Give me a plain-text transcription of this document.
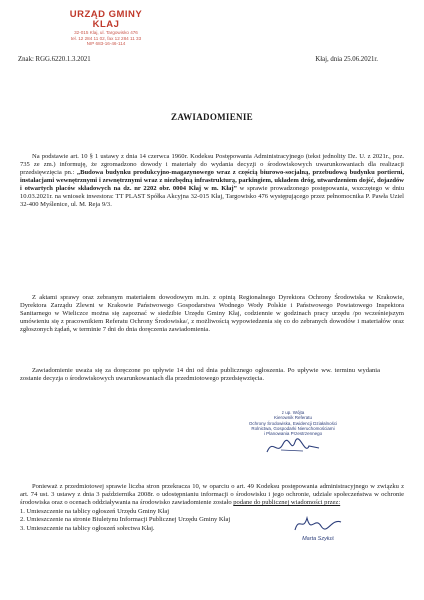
URZĄD GMINY
KLAJ
32-015 Klaj, ul. Targowisko 476
tel. 12 284 11 02, fax 12 284 11 33
NIP 683-16-46-114
Znak: RGG.6220.1.3.2021	Kłaj, dnia 25.06.2021r.
ZAWIADOMIENIE

Na podstawie art. 10 § 1 ustawy z dnia 14 czerwca 1960r. Kodeksu Postępowania Administracyjnego (tekst jednolity Dz. U. z 2021r., poz. 735 ze zm.) informuję, że zgromadzono dowody i materiały do wydania decyzji o środowiskowych uwarunkowaniach dla realizacji przedsięwzięcia pn.: „Budowa budynku produkcyjno-magazynowego wraz z częścią biurowo-socjalną, przebudową budynku portierni, instalacjami wewnętrznymi i zewnętrznymi wraz z niezbędną infrastrukturą, parkingiem, układem dróg, utwardzeniem dojść, dojazdów i otwartych placów składowych na dz. nr 2202 obr. 0004 Kłaj w m. Kłaj” w sprawie prowadzonego postępowania, wszczętego w dniu 10.03.2021r. na wniosek inwestora: TT PLAST Spółka Akcyjna 32-015 Kłaj, Targowisko 476 występującego przez pełnomocnika P. Pawła Uziel 32-400 Myślenice, ul. M. Reja 9/3.

Z aktami sprawy oraz zebranym materiałem dowodowym m.in. z opinią Regionalnego Dyrektora Ochrony Środowiska w Krakowie, Dyrektora Zarządu Zlewni w Krakowie Państwowego Gospodarstwa Wodnego Wody Polskie i Państwowego Powiatowego Inspektora Sanitarnego w Wieliczce można się zapoznać w siedzibie Urzędu Gminy Kłaj, codziennie w godzinach pracy urzędu /po wcześniejszym umówieniu się z pracownikiem Referatu Ochrony Środowiska/, z możliwością wypowiedzenia się co do zebranych dowodów i materiałów oraz zgłoszonych żądań, w terminie 7 dni do dnia doręczenia zawiadomienia.

Zawiadomienie uważa się za doręczone po upływie 14 dni od dnia publicznego ogłoszenia. Po upływie ww. terminu wydania zostanie decyzja o środowiskowych uwarunkowaniach dla przedmiotowego przedsięwzięcia.

z up. Wójta
Kierownik Referatu
Ochrony Środowiska, Ewidencji Działalności
Rolnictwa, Gospodarki Nieruchomościami
i Planowania Przestrzennego

Ponieważ z przedmiotowej sprawie liczba stron przekracza 10, w oparciu o art. 49 Kodeksu postępowania administracyjnego w związku z art. 74 ust. 3 ustawy z dnia 3 października 2008r. o udostępnianiu informacji o środowisku i jego ochronie, udziale społeczeństwa w ochronie środowiska oraz o ocenach oddziaływania na środowisko zawiadomienie zostało podane do publicznej wiadomości przez:

1. Umieszczenie na tablicy ogłoszeń Urzędu Gminy Kłaj
2. Umieszczenie na stronie Biuletynu Informacji Publicznej Urzędu Gminy Kłaj
3. Umieszczenie na tablicy ogłoszeń sołectwa Kłaj.
Marta Szyłuś
